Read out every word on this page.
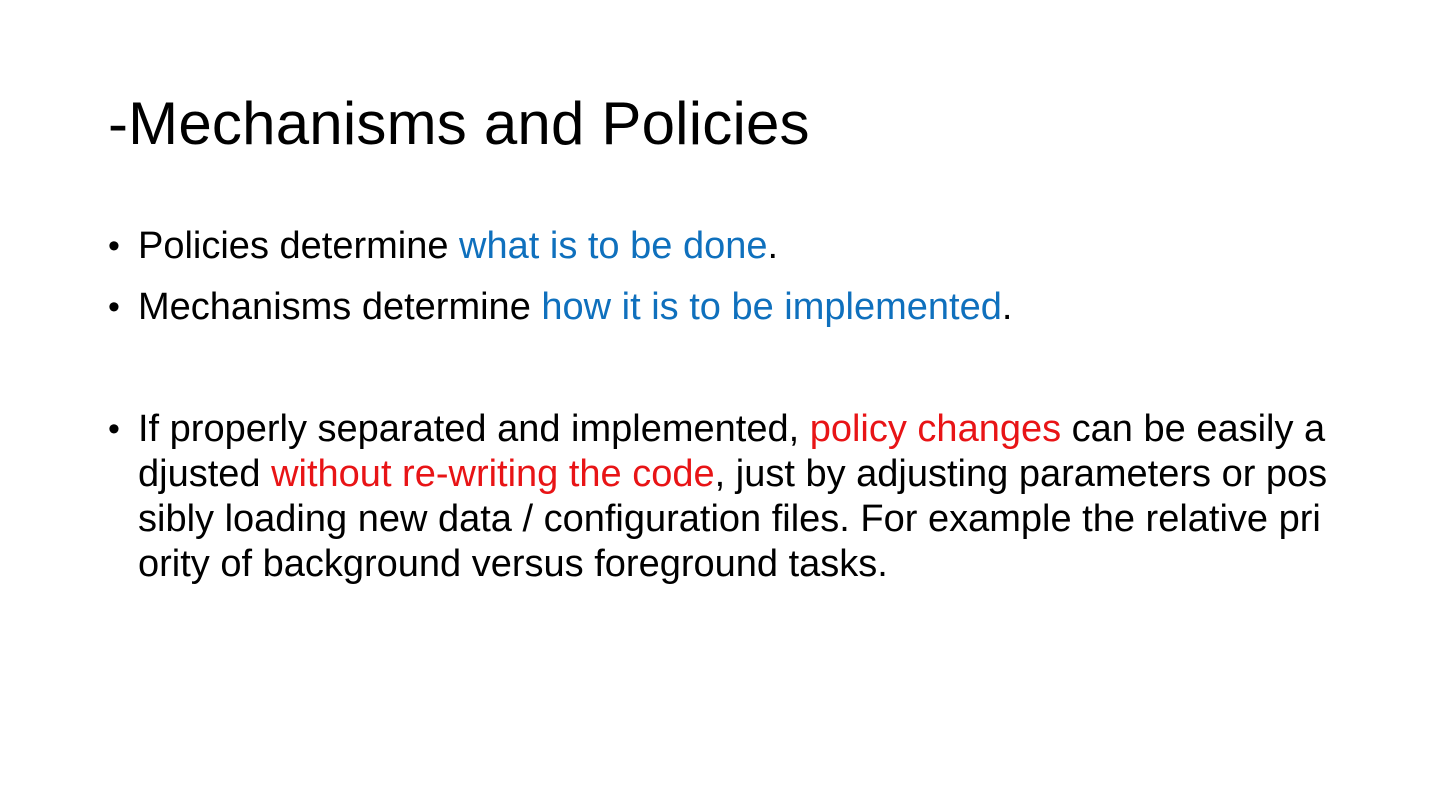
-Mechanisms and Policies
• Policies determine what is to be done.
• Mechanisms determine how it is to be implemented.
• If properly separated and implemented, policy changes can be easily adjusted without re-writing the code, just by adjusting parameters or possibly loading new data / configuration files. For example the relative priority of background versus foreground tasks.
